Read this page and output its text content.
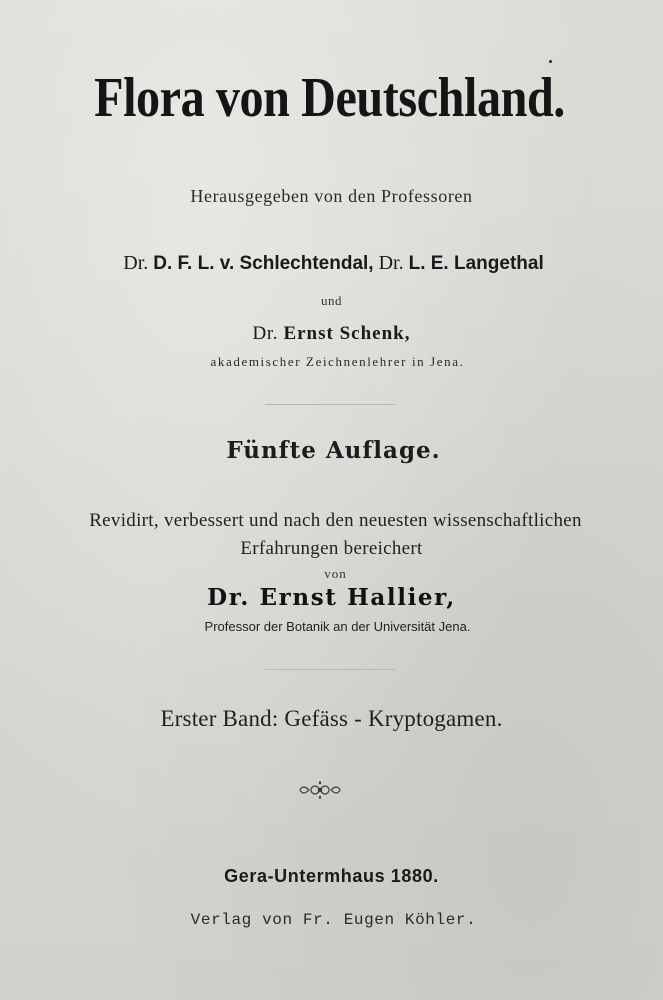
Flora von Deutschland.
Herausgegeben von den Professoren
Dr. D. F. L. v. Schlechtendal, Dr. L. E. Langethal
und
Dr. Ernst Schenk,
akademischer Zeichnenlehrer in Jena.
Fünfte Auflage.
Revidirt, verbessert und nach den neuesten wissenschaftlichen
Erfahrungen bereichert
von
Dr. Ernst Hallier,
Professor der Botanik an der Universität Jena.
Erster Band: Gefäss - Kryptogamen.
Gera-Untermhaus 1880.
Verlag von Fr. Eugen Köhler.
